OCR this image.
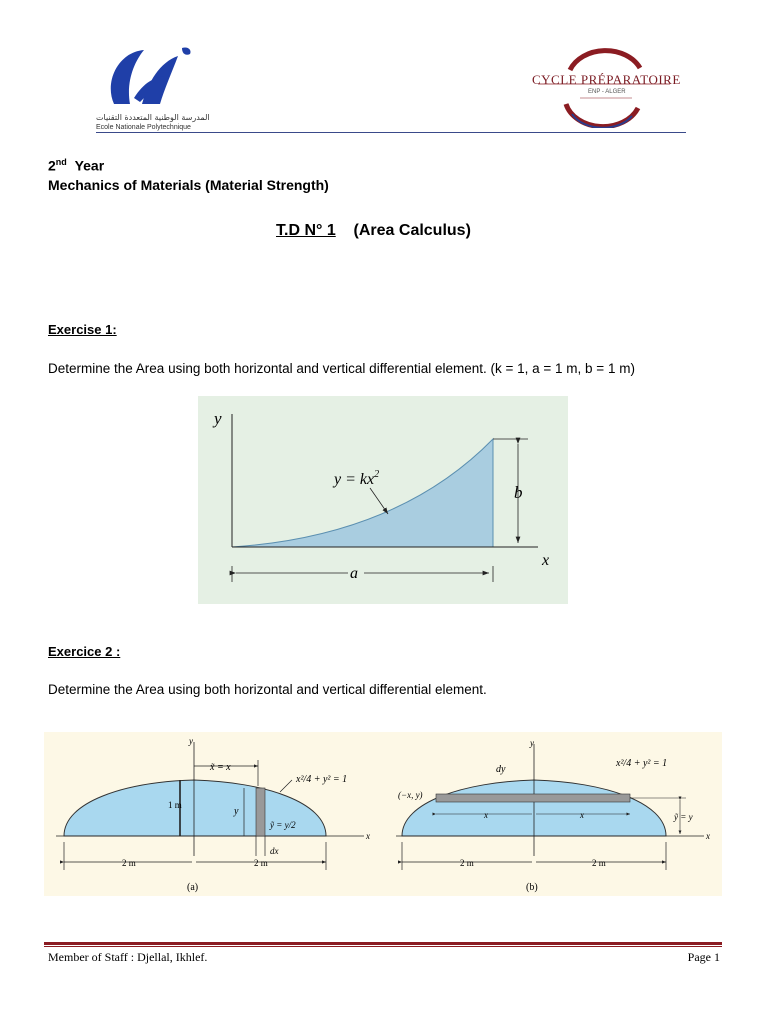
المدرسة الوطنية المتعددة التقنيات
Ecole Nationale Polytechnique
CYCLE PRÉPARATOIRE
ENP - ALGER
2nd Year
Mechanics of Materials (Material Strength)
T.D N° 1 (Area Calculus)
Exercise 1:
Determine the Area using both horizontal and vertical differential element. (k = 1, a = 1 m, b = 1 m)
y
x
$y = kx^2$
b
a
Exercice 2 :
Determine the Area using both horizontal and vertical differential element.
y
x
x̃ = x
x²/4 + y² = 1
1 m
y
ỹ = y/2
dx
2 m	2 m
(a)
y
x
dy
x²/4 + y² = 1
(−x, y)
x	x	ỹ = y
2 m	2 m
(b)
Member of Staff : Djellal, Ikhlef.	Page 1
